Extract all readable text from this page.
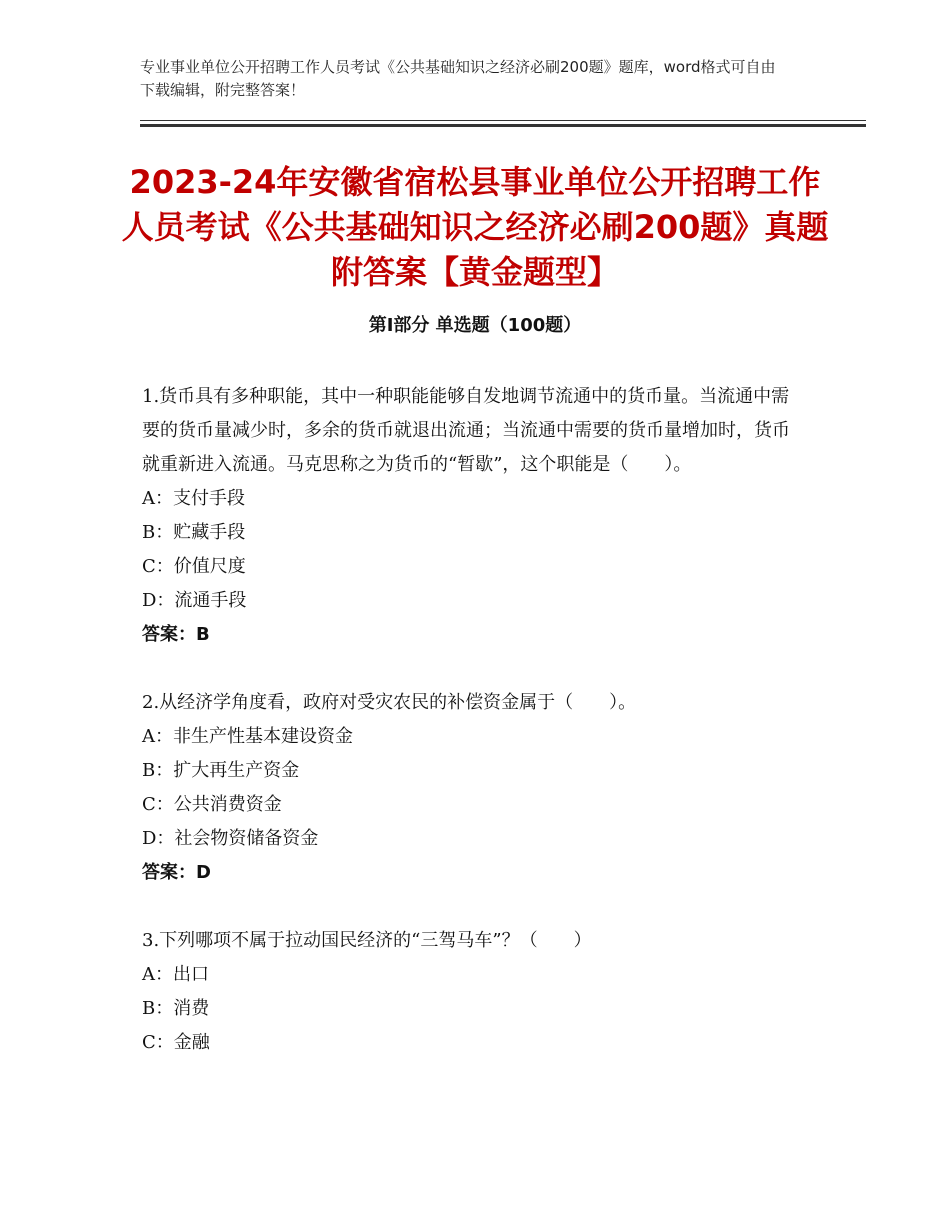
专业事业单位公开招聘工作人员考试《公共基础知识之经济必刷200题》题库，word格式可自由下载编辑，附完整答案！
2023-24年安徽省宿松县事业单位公开招聘工作人员考试《公共基础知识之经济必刷200题》真题附答案【黄金题型】
第Ⅰ部分 单选题（100题）

1.货币具有多种职能，其中一种职能能够自发地调节流通中的货币量。当流通中需要的货币量减少时，多余的货币就退出流通；当流通中需要的货币量增加时，货币就重新进入流通。马克思称之为货币的“暂歇”，这个职能是（　　）。

A：支付手段

B：贮藏手段

C：价值尺度

D：流通手段

答案：B

2.从经济学角度看，政府对受灾农民的补偿资金属于（　　）。

A：非生产性基本建设资金

B：扩大再生产资金

C：公共消费资金

D：社会物资储备资金

答案：D

3.下列哪项不属于拉动国民经济的“三驾马车”？（　　）

A：出口

B：消费

C：金融
